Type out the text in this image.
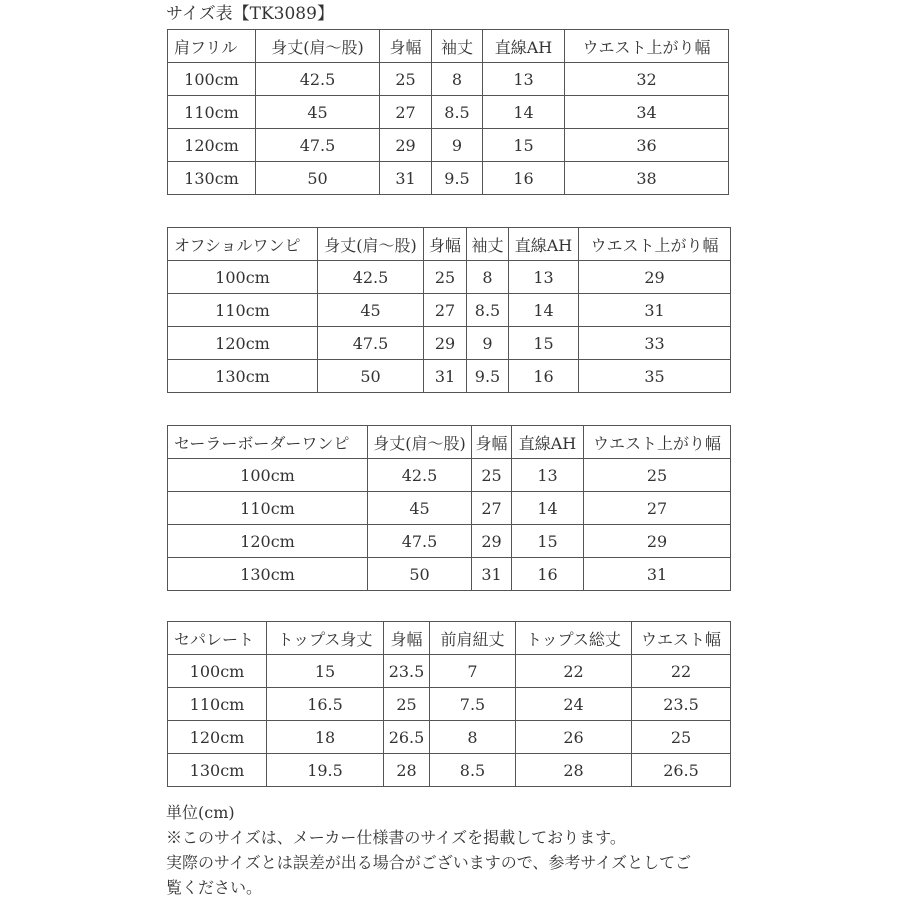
サイズ表【TK3089】
肩フリル	身丈(肩〜股)	身幅	袖丈	直線AH	ウエスト上がり幅
100cm	42.5	25	8	13	32
110cm	45	27	8.5	14	34
120cm	47.5	29	9	15	36
130cm	50	31	9.5	16	38
オフショルワンピ	身丈(肩〜股)	身幅	袖丈	直線AH	ウエスト上がり幅
100cm	42.5	25	8	13	29
110cm	45	27	8.5	14	31
120cm	47.5	29	9	15	33
130cm	50	31	9.5	16	35
セーラーボーダーワンピ	身丈(肩〜股)	身幅	直線AH	ウエスト上がり幅
100cm	42.5	25	13	25
110cm	45	27	14	27
120cm	47.5	29	15	29
130cm	50	31	16	31
セパレート	トップス身丈	身幅	前肩紐丈	トップス総丈	ウエスト幅
100cm	15	23.5	7	22	22
110cm	16.5	25	7.5	24	23.5
120cm	18	26.5	8	26	25
130cm	19.5	28	8.5	28	26.5
単位(cm)
※このサイズは、メーカー仕様書のサイズを掲載しております。
実際のサイズとは誤差が出る場合がございますので、参考サイズとしてご
覧ください。
